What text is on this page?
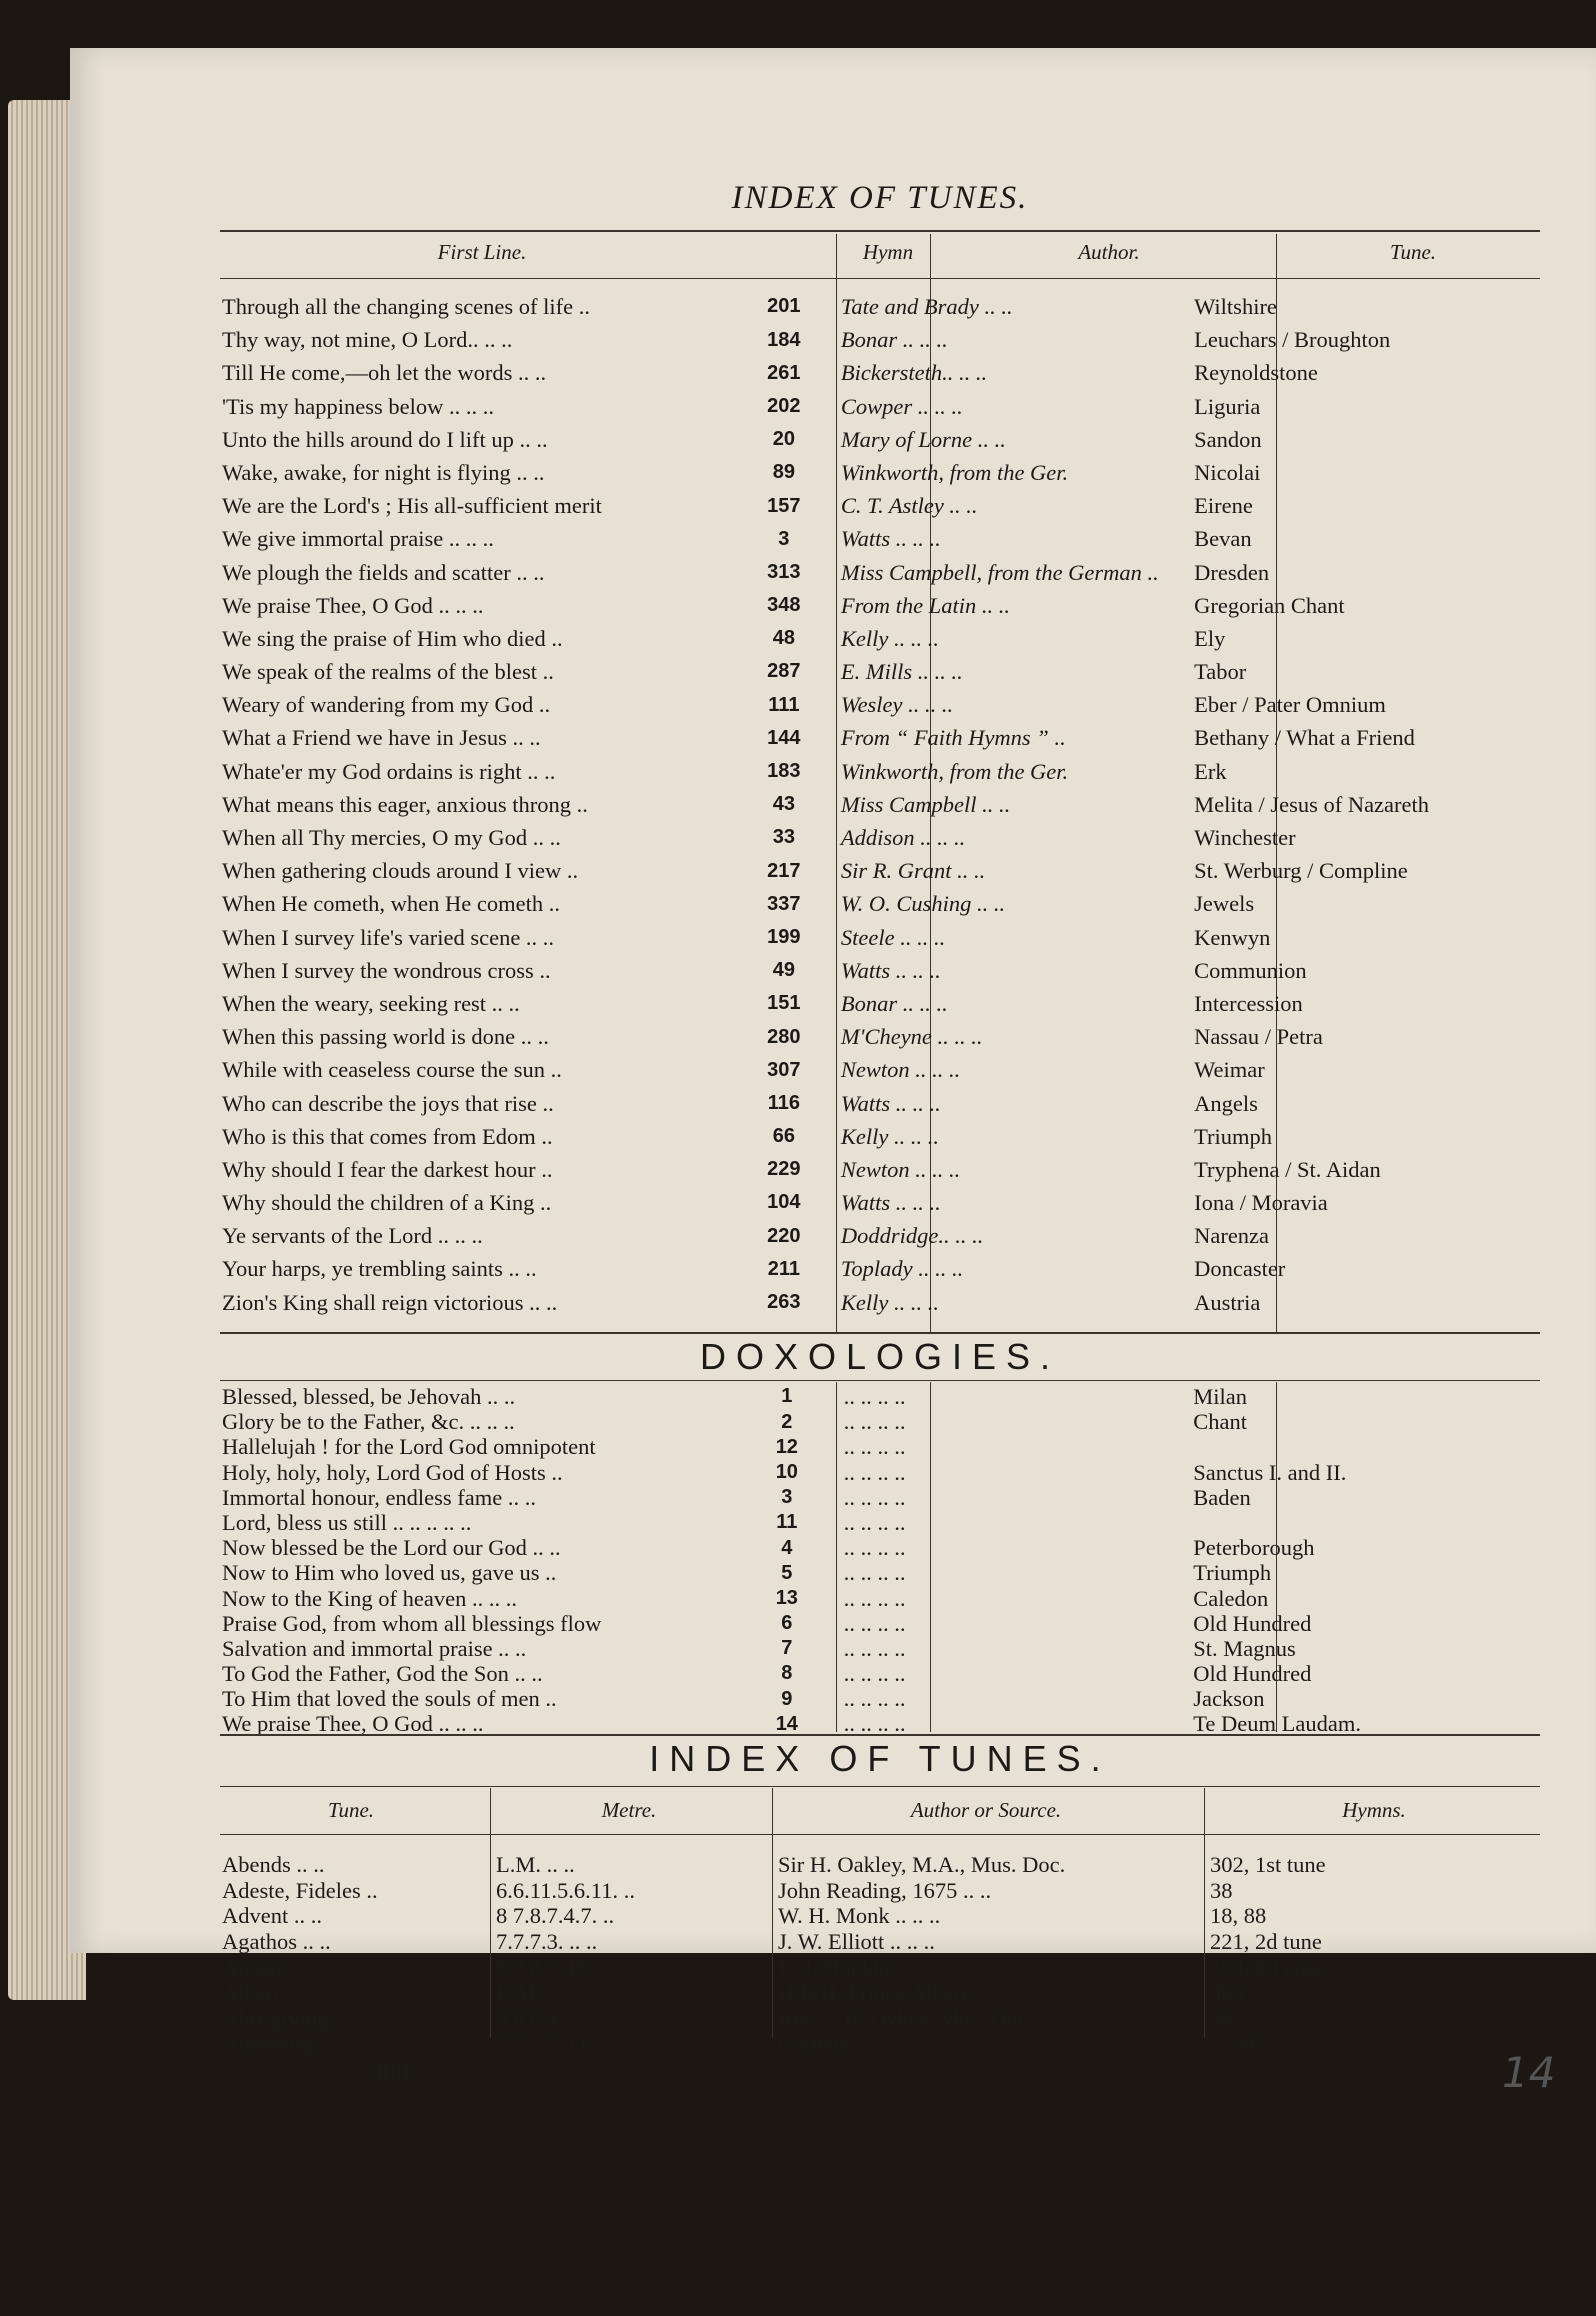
INDEX OF TUNES.
First Line.	Hymn	Author.	Tune.
Through all the changing scenes of life ..	201	Tate and Brady .. ..	Wiltshire
Thy way, not mine, O Lord.. .. ..	184	Bonar .. .. ..	Leuchars / Broughton
Till He come,—oh let the words .. ..	261	Bickersteth.. .. ..	Reynoldstone
'Tis my happiness below .. .. ..	202	Cowper .. .. ..	Liguria
Unto the hills around do I lift up .. ..	20	Mary of Lorne .. ..	Sandon
Wake, awake, for night is flying .. ..	89	Winkworth, from the Ger.	Nicolai
We are the Lord's ; His all-sufficient merit	157	C. T. Astley .. ..	Eirene
We give immortal praise .. .. ..	3	Watts .. .. ..	Bevan
We plough the fields and scatter .. ..	313	Miss Campbell, from the German ..	Dresden
We praise Thee, O God .. .. ..	348	From the Latin .. ..	Gregorian Chant
We sing the praise of Him who died ..	48	Kelly .. .. ..	Ely
We speak of the realms of the blest ..	287	E. Mills .. .. ..	Tabor
Weary of wandering from my God ..	111	Wesley .. .. ..	Eber / Pater Omnium
What a Friend we have in Jesus .. ..	144	From “ Faith Hymns ” ..	Bethany / What a Friend
Whate'er my God ordains is right .. ..	183	Winkworth, from the Ger.	Erk
What means this eager, anxious throng ..	43	Miss Campbell .. ..	Melita / Jesus of Nazareth
When all Thy mercies, O my God .. ..	33	Addison .. .. ..	Winchester
When gathering clouds around I view ..	217	Sir R. Grant .. ..	St. Werburg / Compline
When He cometh, when He cometh ..	337	W. O. Cushing .. ..	Jewels
When I survey life's varied scene .. ..	199	Steele .. .. ..	Kenwyn
When I survey the wondrous cross ..	49	Watts .. .. ..	Communion
When the weary, seeking rest .. ..	151	Bonar .. .. ..	Intercession
When this passing world is done .. ..	280	M'Cheyne .. .. ..	Nassau / Petra
While with ceaseless course the sun ..	307	Newton .. .. ..	Weimar
Who can describe the joys that rise ..	116	Watts .. .. ..	Angels
Who is this that comes from Edom ..	66	Kelly .. .. ..	Triumph
Why should I fear the darkest hour ..	229	Newton .. .. ..	Tryphena / St. Aidan
Why should the children of a King ..	104	Watts .. .. ..	Iona / Moravia
Ye servants of the Lord .. .. ..	220	Doddridge.. .. ..	Narenza
Your harps, ye trembling saints .. ..	211	Toplady .. .. ..	Doncaster
Zion's King shall reign victorious .. ..	263	Kelly .. .. ..	Austria
DOXOLOGIES.
Blessed, blessed, be Jehovah .. ..	1	.. .. .. ..	Milan
Glory be to the Father, &c. .. .. ..	2	.. .. .. ..	Chant
Hallelujah ! for the Lord God omnipotent	12	.. .. .. ..	
Holy, holy, holy, Lord God of Hosts ..	10	.. .. .. ..	Sanctus I. and II.
Immortal honour, endless fame .. ..	3	.. .. .. ..	Baden
Lord, bless us still .. .. .. .. ..	11	.. .. .. ..	
Now blessed be the Lord our God .. ..	4	.. .. .. ..	Peterborough
Now to Him who loved us, gave us ..	5	.. .. .. ..	Triumph
Now to the King of heaven .. .. ..	13	.. .. .. ..	Caledon
Praise God, from whom all blessings flow	6	.. .. .. ..	Old Hundred
Salvation and immortal praise .. ..	7	.. .. .. ..	St. Magnus
To God the Father, God the Son .. ..	8	.. .. .. ..	Old Hundred
To Him that loved the souls of men ..	9	.. .. .. ..	Jackson
We praise Thee, O God .. .. ..	14	.. .. .. ..	Te Deum Laudam.
INDEX OF TUNES.
Tune.	Metre.	Author or Source.	Hymns.
Abends .. ..	L.M. .. ..	Sir H. Oakley, M.A., Mus. Doc.	302, 1st tune
Adeste, Fideles ..	6.6.11.5.6.11. ..	John Reading, 1675 .. ..	38
Advent .. ..	8 7.8.7.4.7. ..	W. H. Monk .. .. ..	18, 88
Agathos .. ..	7.7.7.3. .. ..	J. W. Elliott .. .. ..	221, 2d tune
Ainger.. .. ..	8.7.8.7. D. ..	E. J. Hopkins .. .. ..	154, 2d tune
Albert .. .. ..	L.M. .. ..	H.R.H. Prince Albert .. ..	309
Almsgiving .. ..	8.8.8.4. .. ..	Rev. J. B. Dykes, Mus. Doc.	34
Altenburg .. ..	7.7.7.7. D. ..	German .. .. .. ..	2, 347
400	14
